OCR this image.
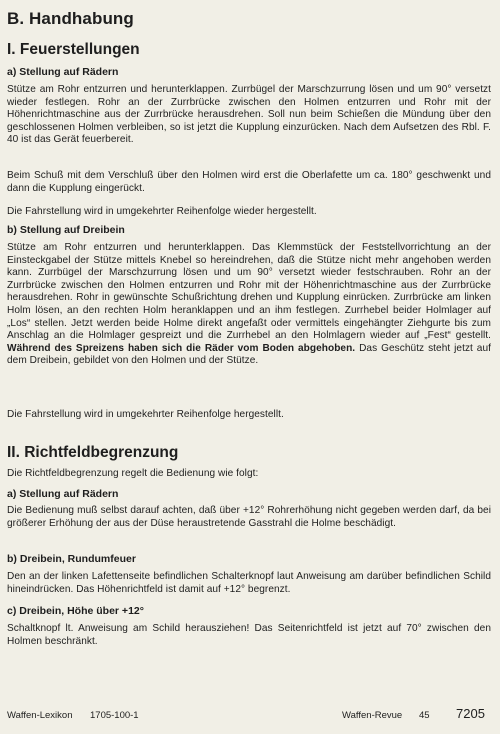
B. Handhabung
I. Feuerstellungen
a) Stellung auf Rädern

Stütze am Rohr entzurren und herunterklappen. Zurrbügel der Marschzurrung lösen und um 90° versetzt wieder festlegen. Rohr an der Zurrbrücke zwischen den Holmen entzurren und Rohr mit der Höhenrichtmaschine aus der Zurrbrücke herausdrehen. Soll nun beim Schießen die Mündung über den geschlossenen Holmen verbleiben, so ist jetzt die Kupplung einzurücken. Nach dem Aufsetzen des Rbl. F. 40 ist das Gerät feuerbereit.

Beim Schuß mit dem Verschluß über den Holmen wird erst die Oberlafette um ca. 180° geschwenkt und dann die Kupplung eingerückt.

Die Fahrstellung wird in umgekehrter Reihenfolge wieder hergestellt.

b) Stellung auf Dreibein

Stütze am Rohr entzurren und herunterklappen. Das Klemmstück der Feststellvorrichtung an der Einsteckgabel der Stütze mittels Knebel so hereindrehen, daß die Stütze nicht mehr angehoben werden kann. Zurrbügel der Marschzurrung lösen und um 90° versetzt wieder festschrauben. Rohr an der Zurrbrücke zwischen den Holmen entzurren und Rohr mit der Höhenrichtmaschine aus der Zurrbrücke herausdrehen. Rohr in gewünschte Schußrichtung drehen und Kupplung einrücken. Zurrbrücke am linken Holm lösen, an den rechten Holm heranklappen und an ihm festlegen. Zurrhebel beider Holmlager auf „Los“ stellen. Jetzt werden beide Holme direkt angefaßt oder vermittels eingehängter Ziehgurte bis zum Anschlag an die Holmlager gespreizt und die Zurrhebel an den Holmlagern wieder auf „Fest“ gestellt. Während des Spreizens haben sich die Räder vom Boden abgehoben. Das Geschütz steht jetzt auf dem Dreibein, gebildet von den Holmen und der Stütze.

Die Fahrstellung wird in umgekehrter Reihenfolge hergestellt.

II. Richtfeldbegrenzung

Die Richtfeldbegrenzung regelt die Bedienung wie folgt:

a) Stellung auf Rädern

Die Bedienung muß selbst darauf achten, daß über +12° Rohrerhöhung nicht gegeben werden darf, da bei größerer Erhöhung der aus der Düse heraustretende Gasstrahl die Holme beschädigt.

b) Dreibein, Rundumfeuer

Den an der linken Lafettenseite befindlichen Schalterknopf laut Anweisung am darüber befindlichen Schild hineindrücken. Das Höhenrichtfeld ist damit auf +12° begrenzt.

c) Dreibein, Höhe über +12°

Schaltknopf lt. Anweisung am Schild herausziehen! Das Seitenrichtfeld ist jetzt auf 70° zwischen den Holmen beschränkt.

Waffen-Lexikon 1705-100-1	Waffen-Revue 45 7205
